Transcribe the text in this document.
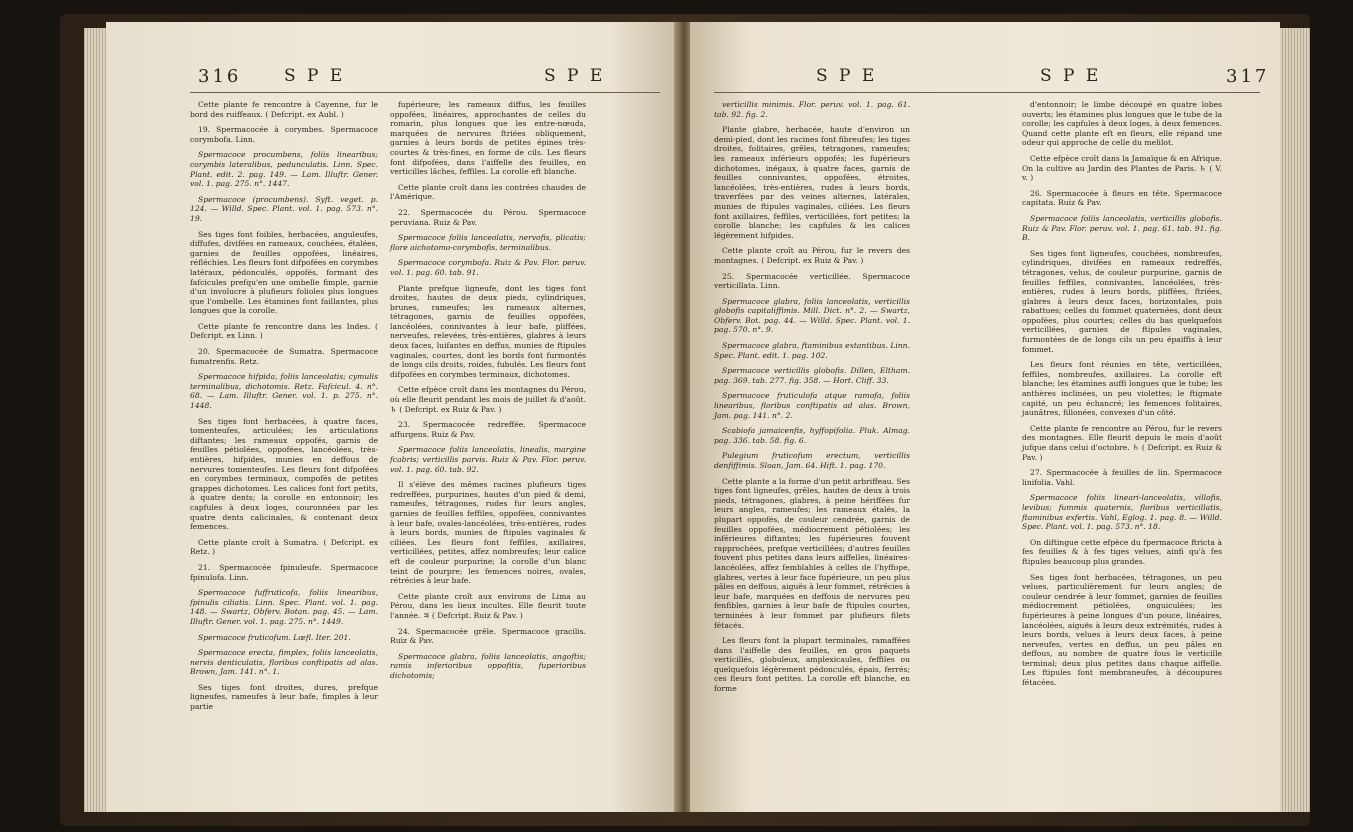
316	S P E	S P E

Cette plante fe rencontre à Cayenne, fur le bord des ruiffeaux. ( Defcript. ex Aubl. )

19. Spermacocée à corymbes. Spermacoce corymbofa. Linn.

Spermacoce procumbens, foliis linearibus; corymbis lateralibus, pedunculatis. Linn. Spec. Plant. edit. 2. pag. 149. — Lam. Illuftr. Gener. vol. 1. pag. 275. n°. 1447.

Spermacoce (procumbens). Syft. veget. p. 124. — Willd. Spec. Plant. vol. 1. pag. 573. n°. 19.

Ses tiges font foibles, herbacées, anguleufes, diffufes, divifées en rameaux, couchées, étalées, garnies de feuilles oppofées, linéaires, réfléchies. Les fleurs font difpofées en corymbes latéraux, pédonculés, oppofés, formant des fafcicules prefqu'en une ombelle fimple, garnie d'un involucre à plufieurs folioles plus longues que l'ombelle. Les étamines font faillantes, plus longues que la corolle.

Cette plante fe rencontre dans les Indes. ( Defcript. ex Linn. )

20. Spermacocée de Sumatra. Spermacoce fumatrenfis. Retz.

Spermacoce hifpida, foliis lanceolatis; cymulis terminalibus, dichotomis. Retz. Fafcicul. 4. n°. 68. — Lam. Illuftr. Gener. vol. 1. p. 275. n°. 1448.

Ses tiges font herbacées, à quatre faces, tomenteufes, articulées; les articulations diftantes; les rameaux oppofés, garnis de feuilles pétiolées, oppofées, lancéolées, très-entières, hifpides, munies en deffous de nervures tomenteufes. Les fleurs font difpofées en corymbes terminaux, compofés de petites grappes dichotomes. Les calices font fort petits, à quatre dents; la corolle en entonnoir; les capfules à deux loges, couronnées par les quatre dents calicinales, & contenant deux femences.

Cette plante croît à Sumatra. ( Defcript. ex Retz. )

21. Spermacocée fpinuleufe. Spermacoce fpinulofa. Linn.

Spermacoce fuffruticofa, foliis linearibus, fpinulis ciliatis. Linn. Spec. Plant. vol. 1. pag. 148. — Swartz, Obferv. Botan. pag. 45. — Lam. Illuftr. Gener. vol. 1. pag. 275. n°. 1449.

Spermacoce fruticofum. Lœfl. Iter. 201.

Spermacoce erecta, fimplex, foliis lanceolatis, nervis denticulatis, floribus conftipatis ad alas. Brown, Jam. 141. n°. 1.

Ses tiges font droites, dures, prefque ligneufes, rameufes à leur bafe, fimples à leur partie

fupérieure; les rameaux diffus, les feuilles oppofées, linéaires, approchantes de celles du romarin, plus longues que les entre-nœuds, marquées de nervures ftriées obliquement, garnies à leurs bords de petites épines très-courtes & très-fines, en forme de cils. Les fleurs font difpofées, dans l'aiffelle des feuilles, en verticilles lâches, feffiles. La corolle eft blanche.

Cette plante croît dans les contrées chaudes de l'Amérique.

22. Spermacocée du Pérou. Spermacoce peruviana. Ruiz & Pav.

Spermacoce foliis lanceolatis, nervofis, plicatis; flore aichotomo-corymbofis, terminalibus.

Spermacoce corymbofa. Ruiz & Pav. Flor. peruv. vol. 1. pag. 60. tab. 91.

Plante prefque ligneufe, dont les tiges font droites, hautes de deux pieds, cylindriques, brunes, rameufes; les rameaux alternes, tétragones, garnis de feuilles oppofées, lancéolées, connivantes à leur bafe, pliffées, nerveufes, relevées, très-entières, glabres à leurs deux faces, luifantes en deffus, munies de ftipules vaginales, courtes, dont les bords font furmontés de longs cils droits, roides, fubulés. Les fleurs font difpofées en corymbes terminaux, dichotomes.

Cette efpèce croît dans les montagnes du Pérou, où elle fleurit pendant les mois de juillet & d'août. ♄ ( Defcript. ex Ruiz & Pav. )

23. Spermacocée redreffée. Spermacoce affurgens. Ruiz & Pav.

Spermacoce foliis lanceolatis, linealis, margine fcabris; verticillis parvis. Ruiz & Pav. Flor. peruv. vol. 1. pag. 60. tab. 92.

Il s'élève des mêmes racines plufieurs tiges redreffées, purpurines, hautes d'un pied & demi, rameufes, tétragones, rudes fur leurs angles, garnies de feuilles feffiles, oppofées, connivantes à leur bafe, ovales-lancéolées, très-entières, rudes à leurs bords, munies de ftipules vaginales & ciliées. Les fleurs font feffiles, axillaires, verticillées, petites, affez nombreufes; leur calice eft de couleur purpurine; la corolle d'un blanc teint de pourpre; les femences noires, ovales, rétrécies à leur bafe.

Cette plante croît aux environs de Lima au Pérou, dans les lieux incultes. Elle fleurit toute l'année. ♃ ( Defcript. Ruiz & Pav. )

24. Spermacocée grêle. Spermacoce gracilis. Ruiz & Pav.

Spermacoce glabra, foliis lanceolatis, angoftis; ramis inferioribus oppofitis, fuperioribus dichotomis;

S P E	S P E	317

verticillis minimis. Flor. peruv. vol. 1. pag. 61. tab. 92. fig. 2.

Plante glabre, herbacée, haute d'environ un demi-pied, dont les racines font fibreufes; les tiges droites, folitaires, grêles, tétragones, rameufes; les rameaux inférieurs oppofés; les fupérieurs dichotomes, inégaux, à quatre faces, garnis de feuilles connivantes, oppofées, étroites, lancéolées, très-entières, rudes à leurs bords, traverfées par des veines alternes, latérales, munies de ftipules vaginales, ciliées. Les fleurs font axillaires, feffiles, verticillées, fort petites; la corolle blanche; les capfules & les calices légèrement hifpides.

Cette plante croît au Pérou, fur le revers des montagnes. ( Defcript. ex Ruiz & Pav. )

25. Spermacocée verticillée. Spermacoce verticillata. Linn.

Spermacoce glabra, foliis lanceolatis, verticillis globofis capitaliffimis. Mill. Dict. n°. 2. — Swartz, Obferv. Bot. pag. 44. — Willd. Spec. Plant. vol. 1. pag. 570. n°. 9.

Spermacoce glabra, ftaminibus extantibus. Linn. Spec. Plant. edit. 1. pag. 102.

Spermacoce verticillis globofis. Dillen, Eltham. pag. 369. tab. 277. fig. 358. — Hort. Cliff. 33.

Spermacoce fruticulofa atque ramofa, foliis linearibus, floribus conftipatis ad alas. Brown, Jam. pag. 141. n°. 2.

Scabiofa jamaicenfis, hyffopifolia. Pluk. Almag. pag. 336. tab. 58. fig. 6.

Pulegium fruticofum erectum, verticillis denfiffimis. Sloan, Jam. 64. Hift. 1. pag. 170.

Cette plante a la forme d'un petit arbriffeau. Ses tiges font ligneufes, grêles, hautes de deux à trois pieds, tétragones, glabres, à peine hériffées fur leurs angles, rameufes; les rameaux étalés, la plupart oppofés, de couleur cendrée, garnis de feuilles oppofées, médiocrement pétiolées; les inférieures diftantes; les fupérieures fouvent rapprochées, prefque verticillées; d'autres feuilles fouvent plus petites dans leurs aiffelles, linéaires-lancéolées, affez femblables à celles de l'hyffope, glabres, vertes à leur face fupérieure, un peu plus pâles en deffous, aiguës à leur fommet, rétrécies à leur bafe, marquées en deffous de nervures peu fenfibles, garnies à leur bafe de ftipules courtes, terminées à leur fommet par plufieurs filets fétacés.

Les fleurs font la plupart terminales, ramaffées dans l'aiffelle des feuilles, en gros paquets verticillés, globuleux, amplexicaules, feffiles ou quelquefois légèrement pédonculés, épais, ferrés; ces fleurs font petites. La corolle eft blanche, en forme

d'entonnoir; le limbe découpé en quatre lobes ouverts; les étamines plus longues que le tube de la corolle; les capfules à deux loges, à deux femences. Quand cette plante eft en fleurs, elle répand une odeur qui approche de celle du melilot.

Cette efpèce croît dans la Jamaïque & en Afrique. On la cultive au Jardin des Plantes de Paris. ♄ ( V. v. )

26. Spermacocée à fleurs en tête. Spermacoce capitata. Ruiz & Pav.

Spermacoce foliis lanceolatis, verticillis globofis. Ruiz & Pav. Flor. peruv. vol. 1. pag. 61. tab. 91. fig. B.

Ses tiges font ligneufes, couchées, nombreufes, cylindriques, divifées en rameaux redreffés, tétragones, velus, de couleur purpurine, garnis de feuilles feffiles, connivantes, lancéolées, très-entières, rudes à leurs bords, pliffées, ftriées, glabres à leurs deux faces, horizontales, puis rabattues; celles du fommet quaternées, dont deux oppofées, plus courtes; celles du bas quelquefois verticillées, garnies de ftipules vaginales, furmontées de de longs cils un peu épaiffis à leur fommet.

Les fleurs font réunies en tête, verticillées, feffiles, nombreufes, axillaires. La corolle eft blanche; les étamines auffi longues que le tube; les anthères inclinées, un peu violettes; le ftigmate capité, un peu échancré; les femences folitaires, jaunâtres, fillonées, convexes d'un côté.

Cette plante fe rencontre au Pérou, fur le revers des montagnes. Elle fleurit depuis le mois d'août jufque dans celui d'octobre. ♄ ( Defcript. ex Ruiz & Pav. )

27. Spermacocée à feuilles de lin. Spermacoce linifolia. Vahl.

Spermacoce foliis lineari-lanceolatis, villofis, levibus; fummis quaternis, floribus verticillatis, ftaminibus exfertis. Vahl, Eglog. 1. pag. 8. — Willd. Spec. Plant. vol. 1. pag. 573. n°. 18.

On diftingue cette efpèce du fpermacoce ftricta à fes feuilles & à fes tiges velues, ainfi qu'à fes ftipules beaucoup plus grandes.

Ses tiges font herbacées, tétragones, un peu velues, particulièrement fur leurs angles; de couleur cendrée à leur fommet, garnies de feuilles médiocrement pétiolées, onguiculées; les fupérieures à peine longues d'un pouce, linéaires, lancéolées, aiguës à leurs deux extrémités, rudes à leurs bords, velues à leurs deux faces, à peine nerveufes, vertes en deffus, un peu pâles en deffous, au nombre de quatre fous le verticille terminal; deux plus petites dans chaque aiffelle. Les ftipules font membraneufes, à découpures fétacées.
